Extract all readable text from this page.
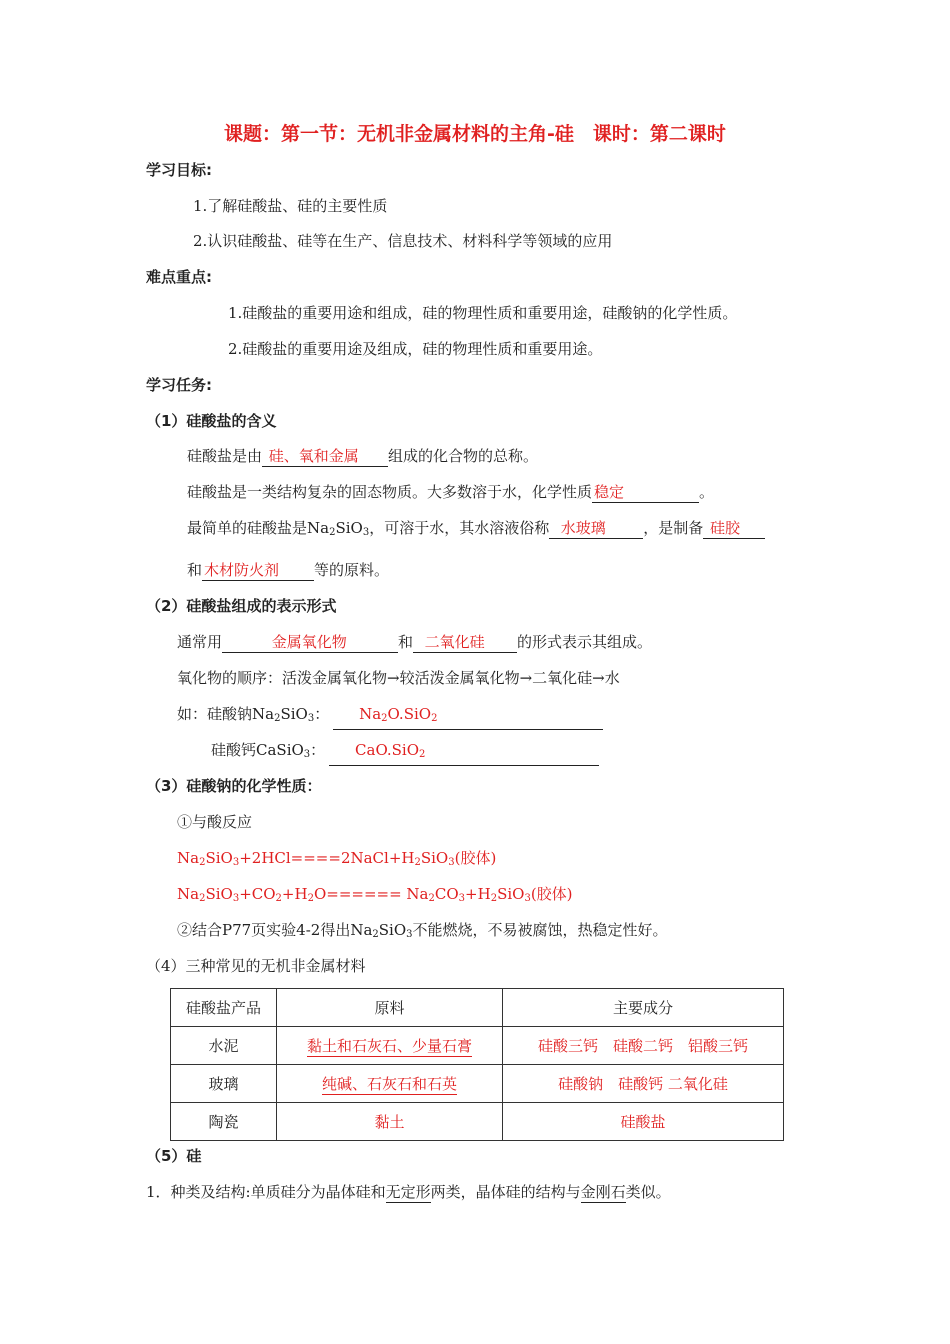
课题：第一节：无机非金属材料的主角-硅　课时：第二课时
学习目标:
1.了解硅酸盐、硅的主要性质
2.认识硅酸盐、硅等在生产、信息技术、材料科学等领域的应用
难点重点:
1.硅酸盐的重要用途和组成，硅的物理性质和重要用途，硅酸钠的化学性质。
2.硅酸盐的重要用途及组成，硅的物理性质和重要用途。
学习任务:
（1）硅酸盐的含义
硅酸盐是由 硅、氧和金属 组成的化合物的总称。
硅酸盐是一类结构复杂的固态物质。大多数溶于水，化学性质 稳定	。
最简单的硅酸盐是$Na_2SiO_3$，可溶于水，其水溶液俗称 水玻璃 ，是制备 硅胶
和 木材防火剂 等的原料。
（2）硅酸盐组成的表示形式
通常用	金属氧化物	和 二氧化硅 的形式表示其组成。
氧化物的顺序：活泼金属氧化物→较活泼金属氧化物→二氧化硅→水
如：硅酸钠$Na_2SiO_3$： $Na_2O.SiO_2$
硅酸钙CaSiO$_3$： CaO.SiO$_2$
（3）硅酸钠的化学性质：
①与酸反应
$Na_2SiO_3+2HCl====2NaCl+H_2SiO_3$(胶体)
$Na_2SiO_3+CO_2+H_2O====== Na_2CO_3+H_2SiO_3$(胶体)
②结合P77页实验4-2得出$Na_2SiO_3$不能燃烧，不易被腐蚀，热稳定性好。
（4）三种常见的无机非金属材料
硅酸盐产品	原料	主要成分
水泥	黏土和石灰石、少量石膏	硅酸三钙　硅酸二钙　铝酸三钙
玻璃	纯碱、石灰石和石英	硅酸钠　硅酸钙 二氧化硅
陶瓷	黏土	硅酸盐
（5）硅
1．种类及结构:单质硅分为晶体硅和无定形两类，晶体硅的结构与金刚石类似。
